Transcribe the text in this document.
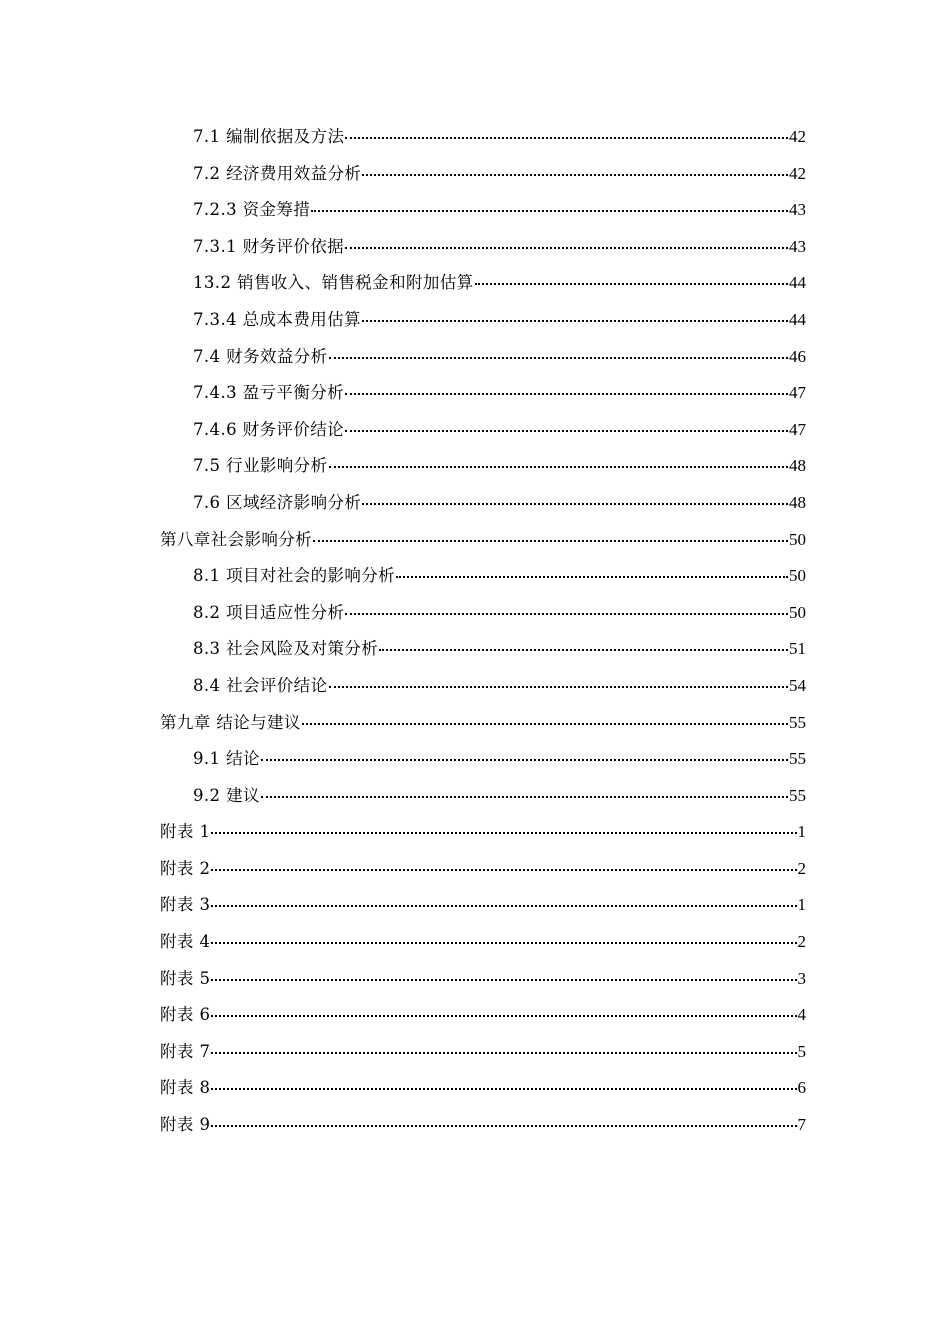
7.1 编制依据及方法	42
7.2 经济费用效益分析	42
7.2.3 资金筹措	43
7.3.1 财务评价依据	43
13.2 销售收入、销售税金和附加估算	44
7.3.4 总成本费用估算	44
7.4 财务效益分析	46
7.4.3 盈亏平衡分析	47
7.4.6 财务评价结论	47
7.5 行业影响分析	48
7.6 区域经济影响分析	48
第八章社会影响分析	50
8.1 项目对社会的影响分析	50
8.2 项目适应性分析	50
8.3 社会风险及对策分析	51
8.4 社会评价结论	54
第九章 结论与建议	55
9.1 结论	55
9.2 建议	55
附表 1	1
附表 2	2
附表 3	1
附表 4	2
附表 5	3
附表 6	4
附表 7	5
附表 8	6
附表 9	7
